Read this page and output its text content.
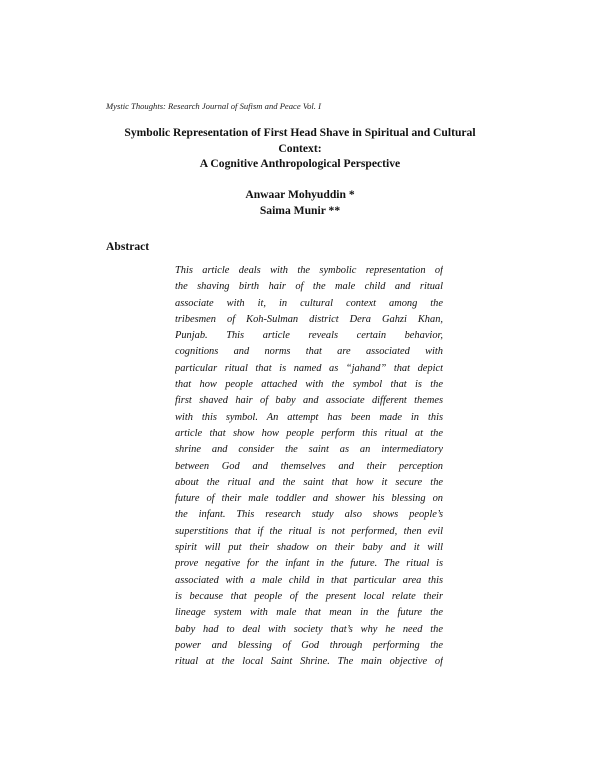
Mystic Thoughts: Research Journal of Sufism and Peace Vol. I
Symbolic Representation of First Head Shave in Spiritual and Cultural
Context:
A Cognitive Anthropological Perspective
Anwaar Mohyuddin *
Saima Munir **
Abstract
This article deals with the symbolic representation of
the shaving birth hair of the male child and ritual
associate with it, in cultural context among the
tribesmen of Koh-Sulman district Dera Gahzi Khan,
Punjab. This article reveals certain behavior,
cognitions and norms that are associated with
particular ritual that is named as “jahand” that depict
that how people attached with the symbol that is the
first shaved hair of baby and associate different themes
with this symbol. An attempt has been made in this
article that show how people perform this ritual at the
shrine and consider the saint as an intermediatory
between God and themselves and their perception
about the ritual and the saint that how it secure the
future of their male toddler and shower his blessing on
the infant. This research study also shows people’s
superstitions that if the ritual is not performed, then evil
spirit will put their shadow on their baby and it will
prove negative for the infant in the future. The ritual is
associated with a male child in that particular area this
is because that people of the present local relate their
lineage system with male that mean in the future the
baby had to deal with society that’s why he need the
power and blessing of God through performing the
ritual at the local Saint Shrine. The main objective of
